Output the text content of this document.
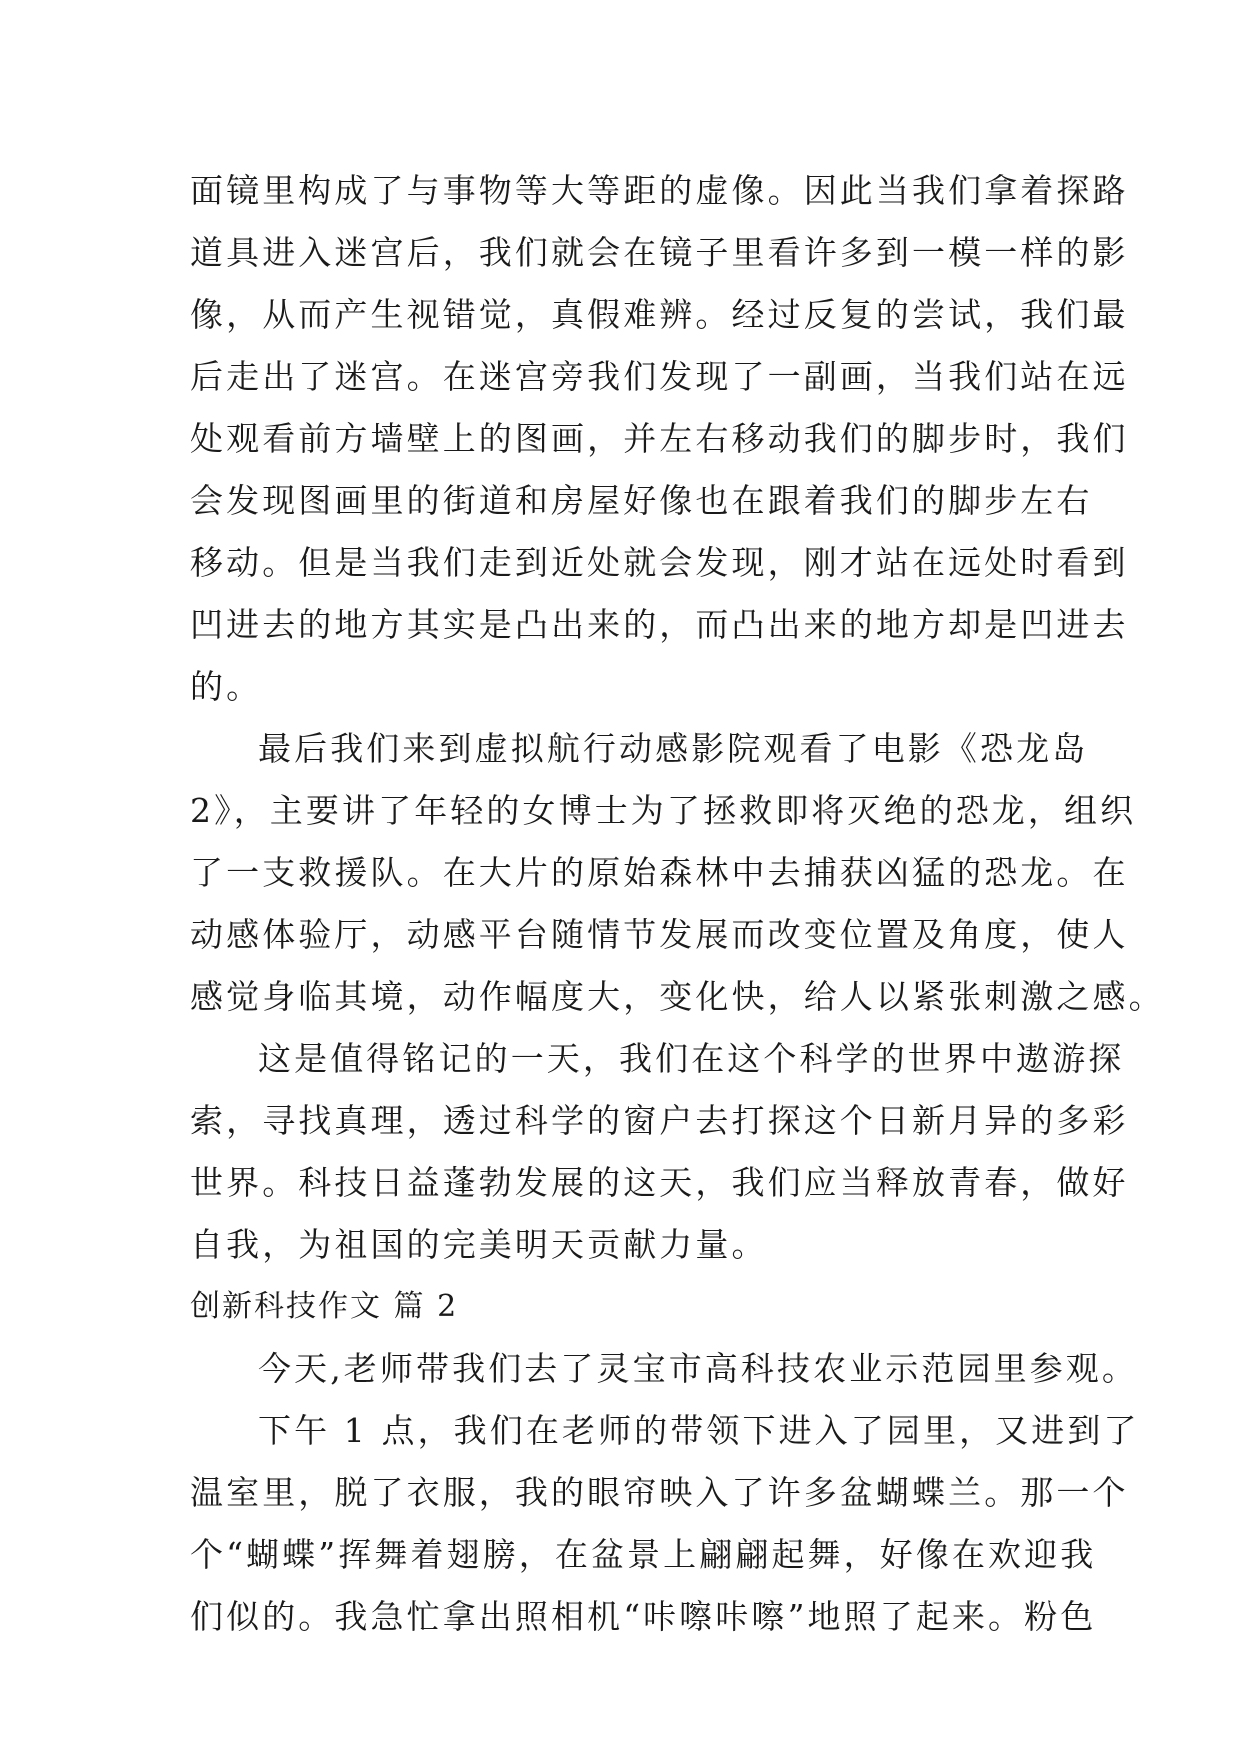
面镜里构成了与事物等大等距的虚像。因此当我们拿着探路
道具进入迷宫后，我们就会在镜子里看许多到一模一样的影
像，从而产生视错觉，真假难辨。经过反复的尝试，我们最
后走出了迷宫。在迷宫旁我们发现了一副画，当我们站在远
处观看前方墙壁上的图画，并左右移动我们的脚步时，我们
会发现图画里的街道和房屋好像也在跟着我们的脚步左右
移动。但是当我们走到近处就会发现，刚才站在远处时看到
凹进去的地方其实是凸出来的，而凸出来的地方却是凹进去
的。
最后我们来到虚拟航行动感影院观看了电影《恐龙岛
2》，主要讲了年轻的女博士为了拯救即将灭绝的恐龙，组织
了一支救援队。在大片的原始森林中去捕获凶猛的恐龙。在
动感体验厅，动感平台随情节发展而改变位置及角度，使人
感觉身临其境，动作幅度大，变化快，给人以紧张刺激之感。
这是值得铭记的一天，我们在这个科学的世界中遨游探
索，寻找真理，透过科学的窗户去打探这个日新月异的多彩
世界。科技日益蓬勃发展的这天，我们应当释放青春，做好
自我，为祖国的完美明天贡献力量。
创新科技作文 篇 2
今天,老师带我们去了灵宝市高科技农业示范园里参观。
下午 1 点，我们在老师的带领下进入了园里，又进到了
温室里，脱了衣服，我的眼帘映入了许多盆蝴蝶兰。那一个
个“蝴蝶”挥舞着翅膀，在盆景上翩翩起舞，好像在欢迎我
们似的。我急忙拿出照相机“咔嚓咔嚓”地照了起来。粉色
